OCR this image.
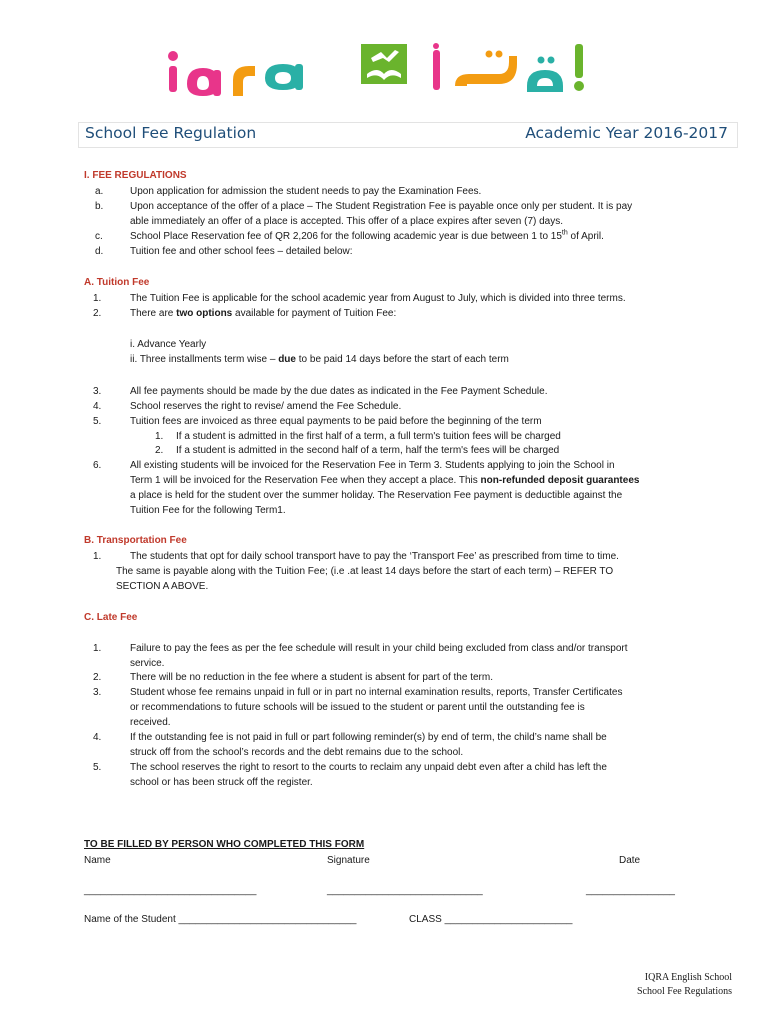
School Fee Regulation	Academic Year 2016-2017
I. FEE REGULATIONS
a.	Upon application for admission the student needs to pay the Examination Fees.
b.	Upon acceptance of the offer of a place – The Student Registration Fee is payable once only per student. It is pay
able immediately an offer of a place is accepted. This offer of a place expires after seven (7) days.
c.	School Place Reservation fee of QR 2,206 for the following academic year is due between 1 to 15th of April.
d.	Tuition fee and other school fees – detailed below:
A. Tuition Fee
1.	The Tuition Fee is applicable for the school academic year from August to July, which is divided into three terms.
2.	There are two options available for payment of Tuition Fee:
i. Advance Yearly
ii. Three installments term wise – due to be paid 14 days before the start of each term
3.	All fee payments should be made by the due dates as indicated in the Fee Payment Schedule.
4.	School reserves the right to revise/ amend the Fee Schedule.
5.	Tuition fees are invoiced as three equal payments to be paid before the beginning of the term
1. If a student is admitted in the first half of a term, a full term's tuition fees will be charged
2. If a student is admitted in the second half of a term, half the term's fees will be charged
6.	All existing students will be invoiced for the Reservation Fee in Term 3. Students applying to join the School in
Term 1 will be invoiced for the Reservation Fee when they accept a place. This non-refunded deposit guarantees
a place is held for the student over the summer holiday. The Reservation Fee payment is deductible against the
Tuition Fee for the following Term1.
B. Transportation Fee
1.	The students that opt for daily school transport have to pay the ‘Transport Fee’ as prescribed from time to time.
The same is payable along with the Tuition Fee; (i.e .at least 14 days before the start of each term) – REFER TO
SECTION A ABOVE.
C. Late Fee
1.	Failure to pay the fees as per the fee schedule will result in your child being excluded from class and/or transport
service.
2.	There will be no reduction in the fee where a student is absent for part of the term.
3.	Student whose fee remains unpaid in full or in part no internal examination results, reports, Transfer Certificates
or recommendations to future schools will be issued to the student or parent until the outstanding fee is
received.
4.	If the outstanding fee is not paid in full or part following reminder(s) by end of term, the child’s name shall be
struck off from the school’s records and the debt remains due to the school.
5.	The school reserves the right to resort to the courts to reclaim any unpaid debt even after a child has left the
school or has been struck off the register.
TO BE FILLED BY PERSON WHO COMPLETED THIS FORM
Name	Signature	Date
_______________________________	____________________________	________________
Name of the Student ________________________________	CLASS _______________________
IQRA English School
School Fee Regulations
